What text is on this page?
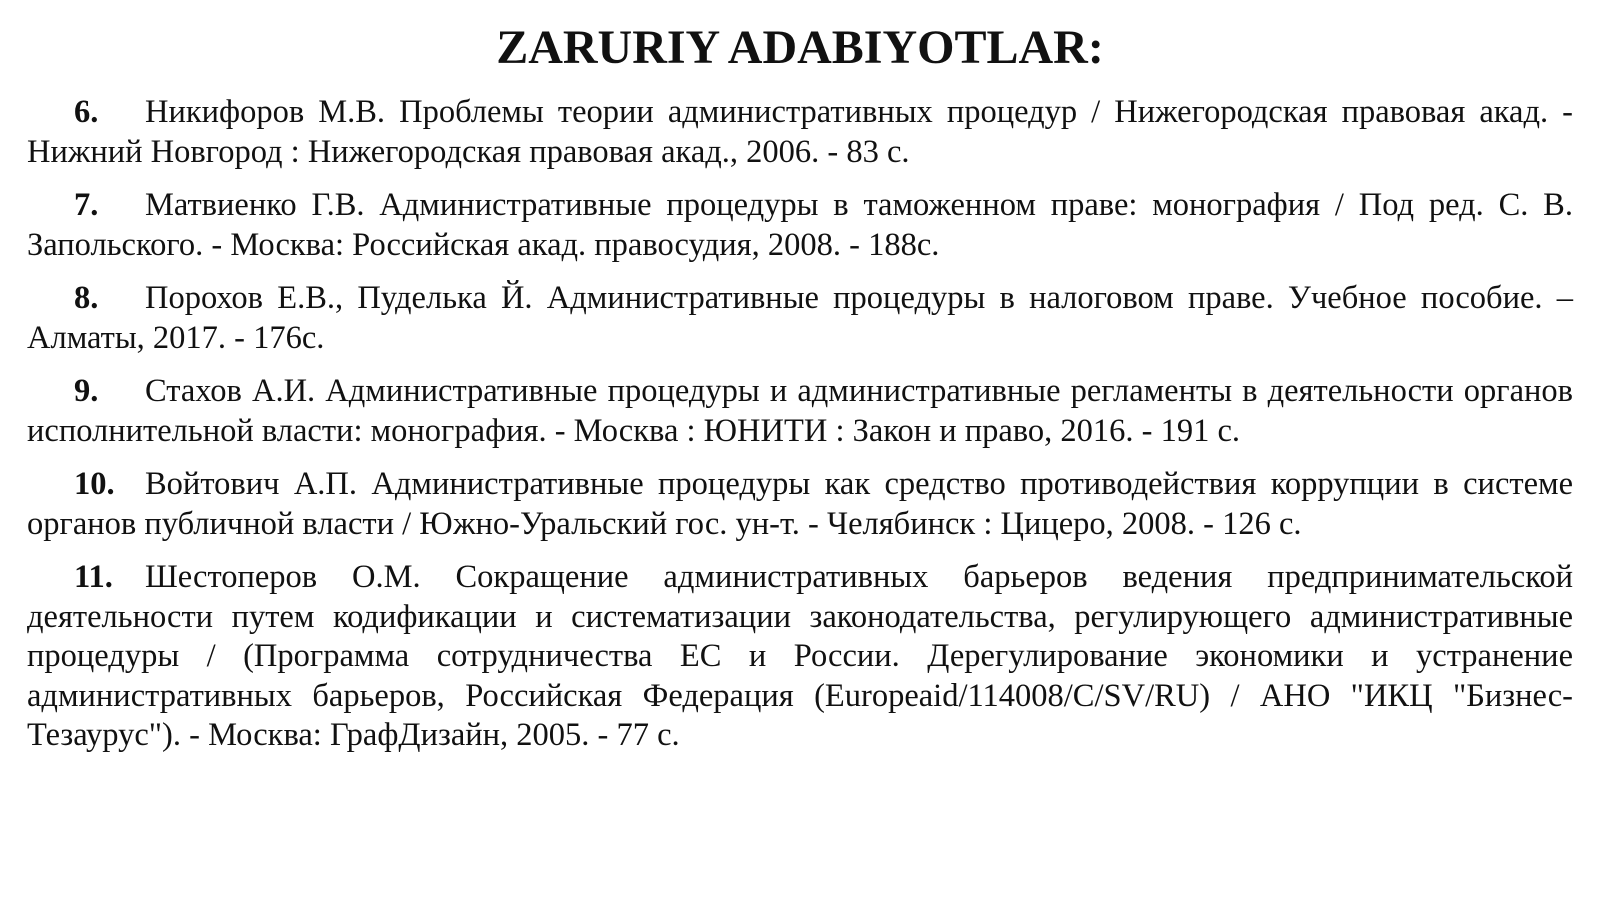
ZARURIY ADABIYOTLAR:

6. Никифоров М.В. Проблемы теории административных процедур / Нижегородская правовая акад. - Нижний Новгород : Нижегородская правовая акад., 2006. - 83 с.

7. Матвиенко Г.В. Административные процедуры в таможенном праве: монография / Под ред. С. В. Запольского. - Москва: Российская акад. правосудия, 2008. - 188с.

8. Порохов Е.В., Пуделька Й. Административные процедуры в налоговом праве. Учебное пособие. – Алматы, 2017. - 176с.

9. Стахов А.И. Административные процедуры и административные регламенты в деятельности органов исполнительной власти: монография. - Москва : ЮНИТИ : Закон и право, 2016. - 191 с.

10. Войтович А.П. Административные процедуры как средство противодействия коррупции в системе органов публичной власти / Южно-Уральский гос. ун-т. - Челябинск : Цицеро, 2008. - 126 с.

11. Шестоперов О.М. Сокращение административных барьеров ведения предпринимательской деятельности путем кодификации и систематизации законодательства, регулирующего административные процедуры / (Программа сотрудничества ЕС и России. Дерегулирование экономики и устранение административных барьеров, Российская Федерация (Europeaid/114008/C/SV/RU) / АНО "ИКЦ "Бизнес-Тезаурус"). - Москва: ГрафДизайн, 2005. - 77 с.
